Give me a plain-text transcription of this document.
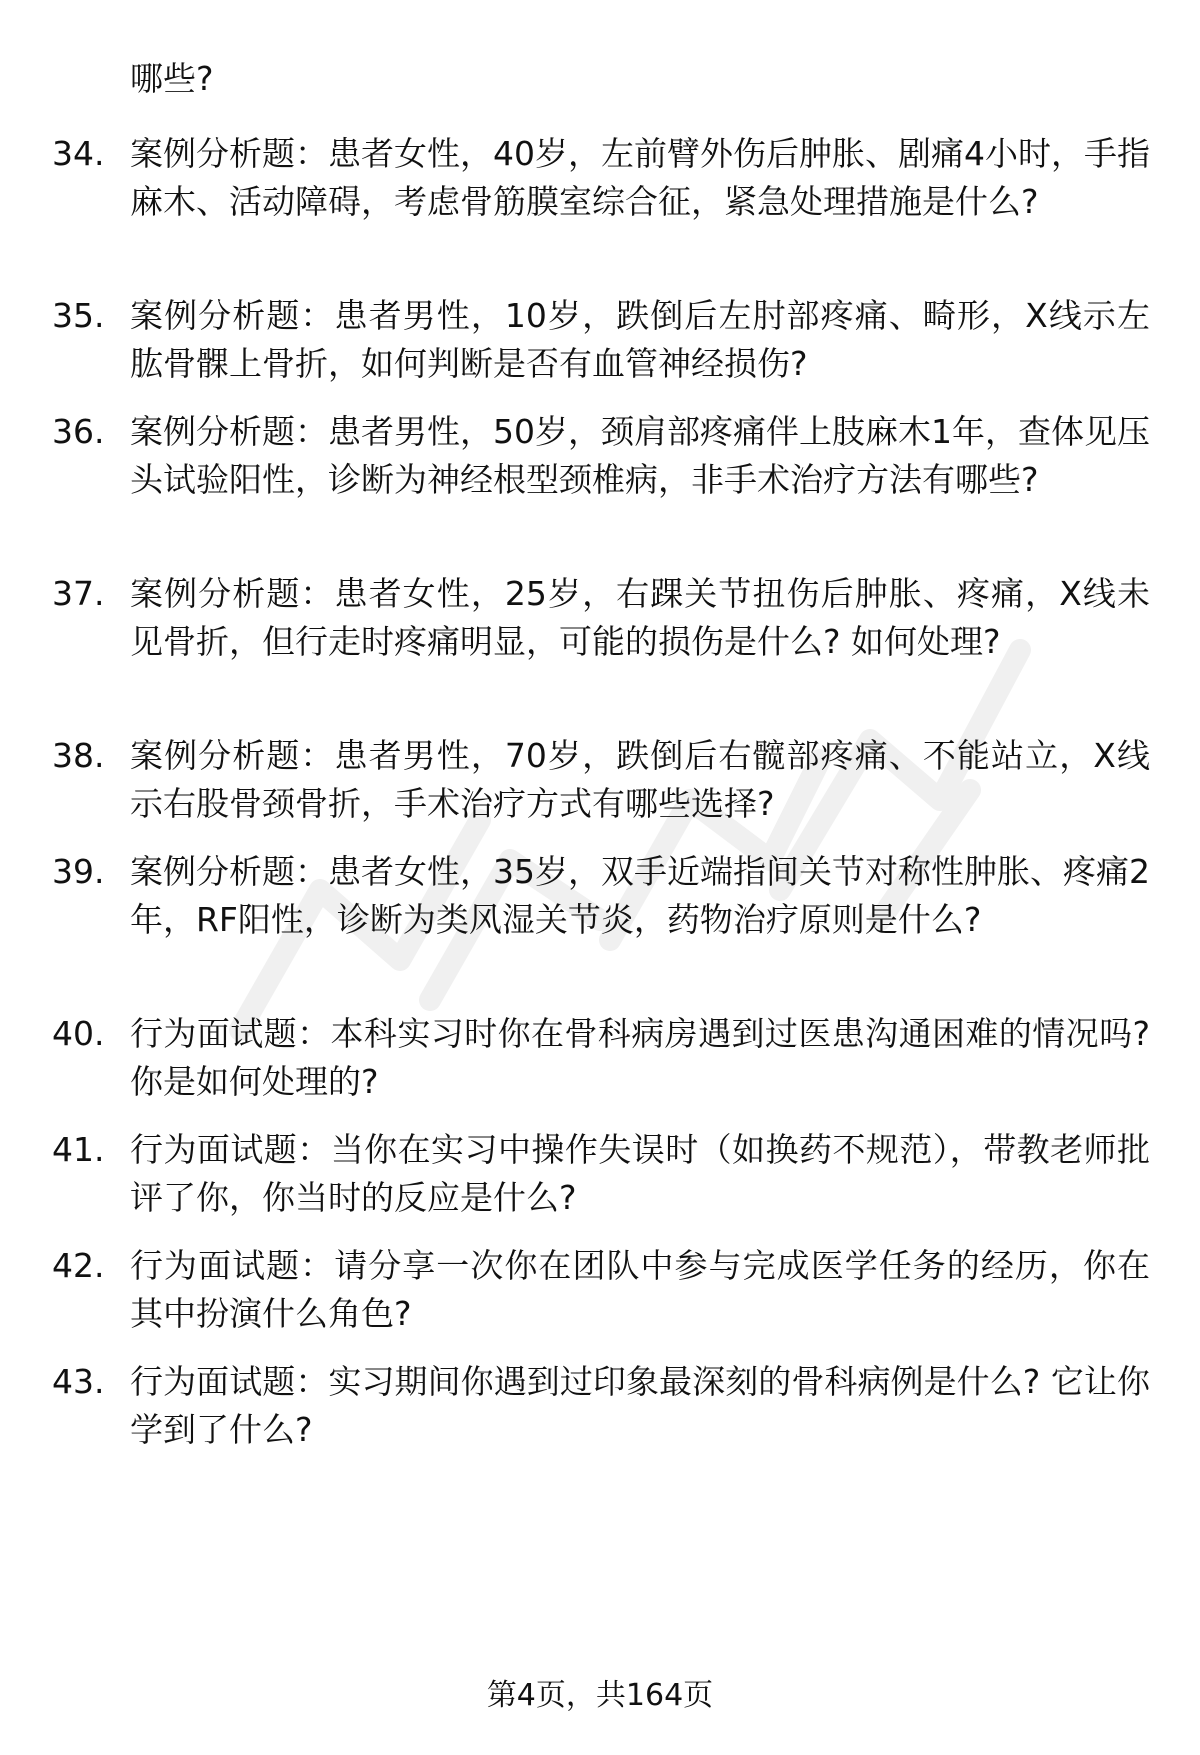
哪些?

34. 案例分析题：患者女性，40岁，左前臂外伤后肿胀、剧痛4小时，手指麻木、活动障碍，考虑骨筋膜室综合征，紧急处理措施是什么?

35. 案例分析题：患者男性，10岁，跌倒后左肘部疼痛、畸形，X线示左肱骨髁上骨折，如何判断是否有血管神经损伤?

36. 案例分析题：患者男性，50岁，颈肩部疼痛伴上肢麻木1年，查体见压头试验阳性，诊断为神经根型颈椎病，非手术治疗方法有哪些?

37. 案例分析题：患者女性，25岁，右踝关节扭伤后肿胀、疼痛，X线未见骨折，但行走时疼痛明显，可能的损伤是什么? 如何处理?

38. 案例分析题：患者男性，70岁，跌倒后右髋部疼痛、不能站立，X线示右股骨颈骨折，手术治疗方式有哪些选择?

39. 案例分析题：患者女性，35岁，双手近端指间关节对称性肿胀、疼痛2年，RF阳性，诊断为类风湿关节炎，药物治疗原则是什么?

40. 行为面试题：本科实习时你在骨科病房遇到过医患沟通困难的情况吗? 你是如何处理的?

41. 行为面试题：当你在实习中操作失误时（如换药不规范），带教老师批评了你，你当时的反应是什么?

42. 行为面试题：请分享一次你在团队中参与完成医学任务的经历，你在其中扮演什么角色?

43. 行为面试题：实习期间你遇到过印象最深刻的骨科病例是什么? 它让你学到了什么?

第4页，共164页
